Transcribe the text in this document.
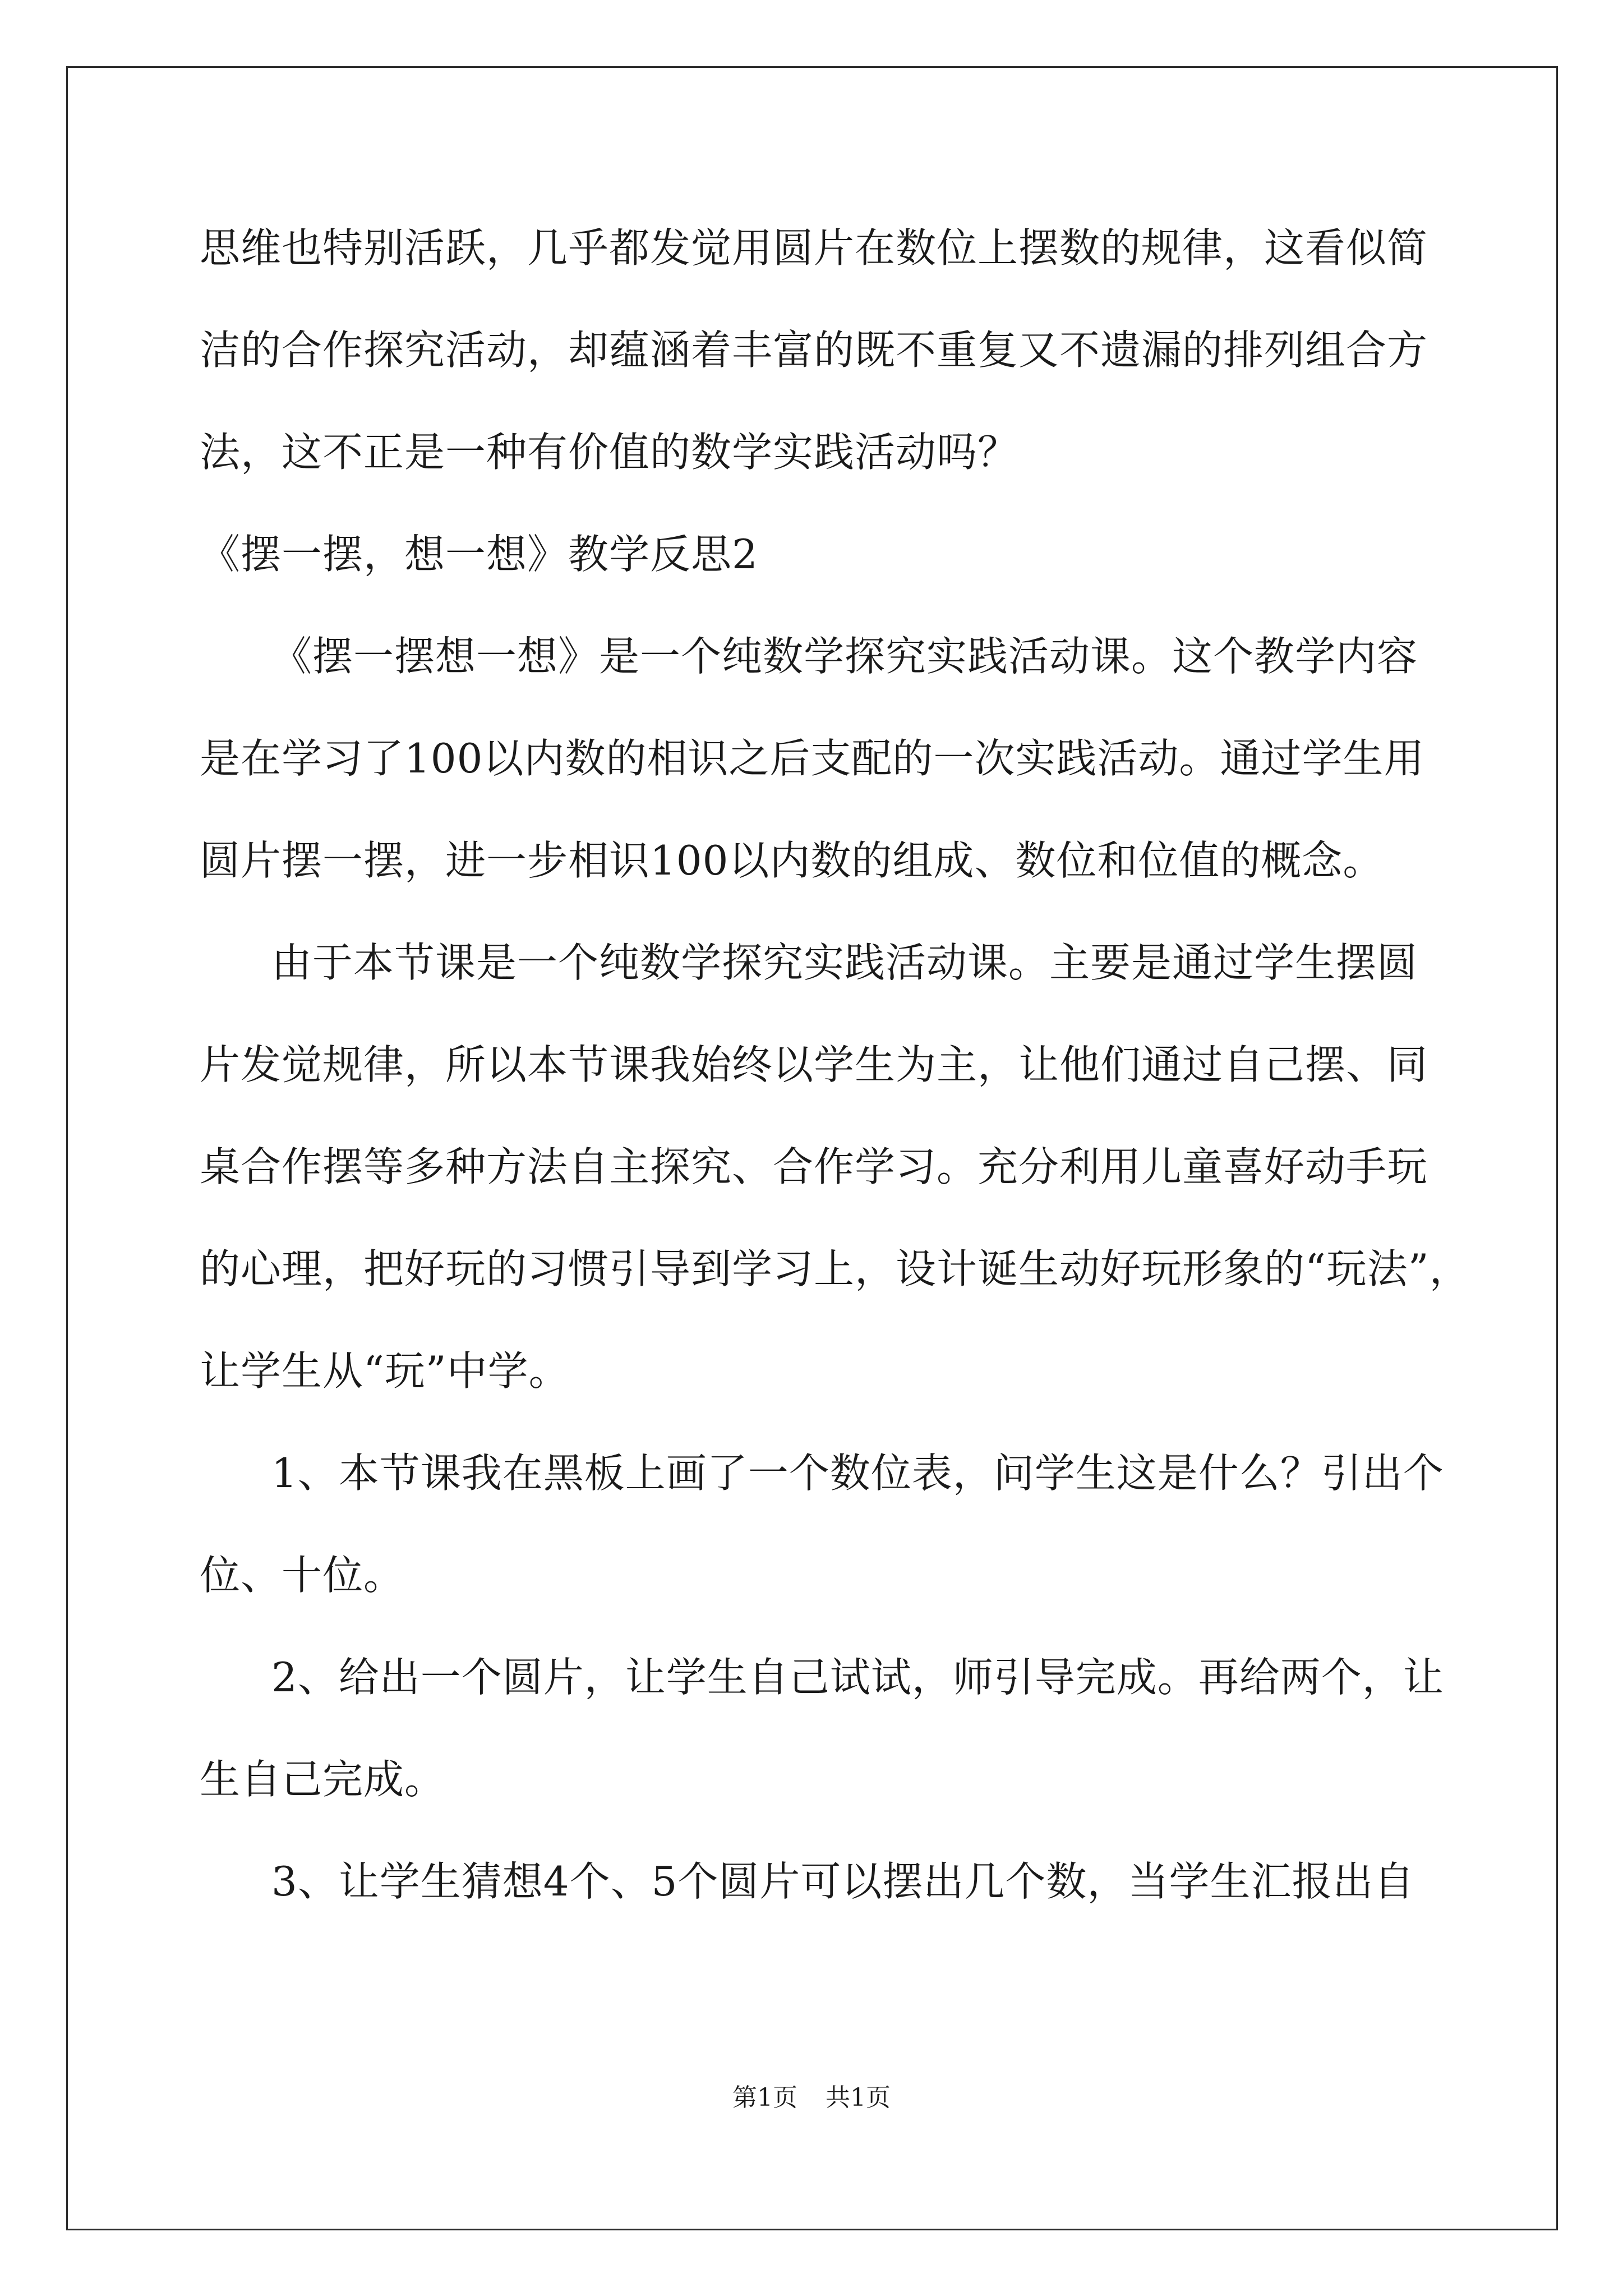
思维也特别活跃，几乎都发觉用圆片在数位上摆数的规律，这看似简
洁的合作探究活动，却蕴涵着丰富的既不重复又不遗漏的排列组合方
法，这不正是一种有价值的数学实践活动吗？
《摆一摆，想一想》教学反思2
《摆一摆想一想》是一个纯数学探究实践活动课。这个教学内容
是在学习了100以内数的相识之后支配的一次实践活动。通过学生用
圆片摆一摆，进一步相识100以内数的组成、数位和位值的概念。
由于本节课是一个纯数学探究实践活动课。主要是通过学生摆圆
片发觉规律，所以本节课我始终以学生为主，让他们通过自己摆、同
桌合作摆等多种方法自主探究、合作学习。充分利用儿童喜好动手玩
的心理，把好玩的习惯引导到学习上，设计诞生动好玩形象的“玩法”，
让学生从“玩”中学。
1、本节课我在黑板上画了一个数位表，问学生这是什么？引出个
位、十位。
2、给出一个圆片，让学生自己试试，师引导完成。再给两个，让
生自己完成。
3、让学生猜想4个、5个圆片可以摆出几个数，当学生汇报出自
第1页 共1页
